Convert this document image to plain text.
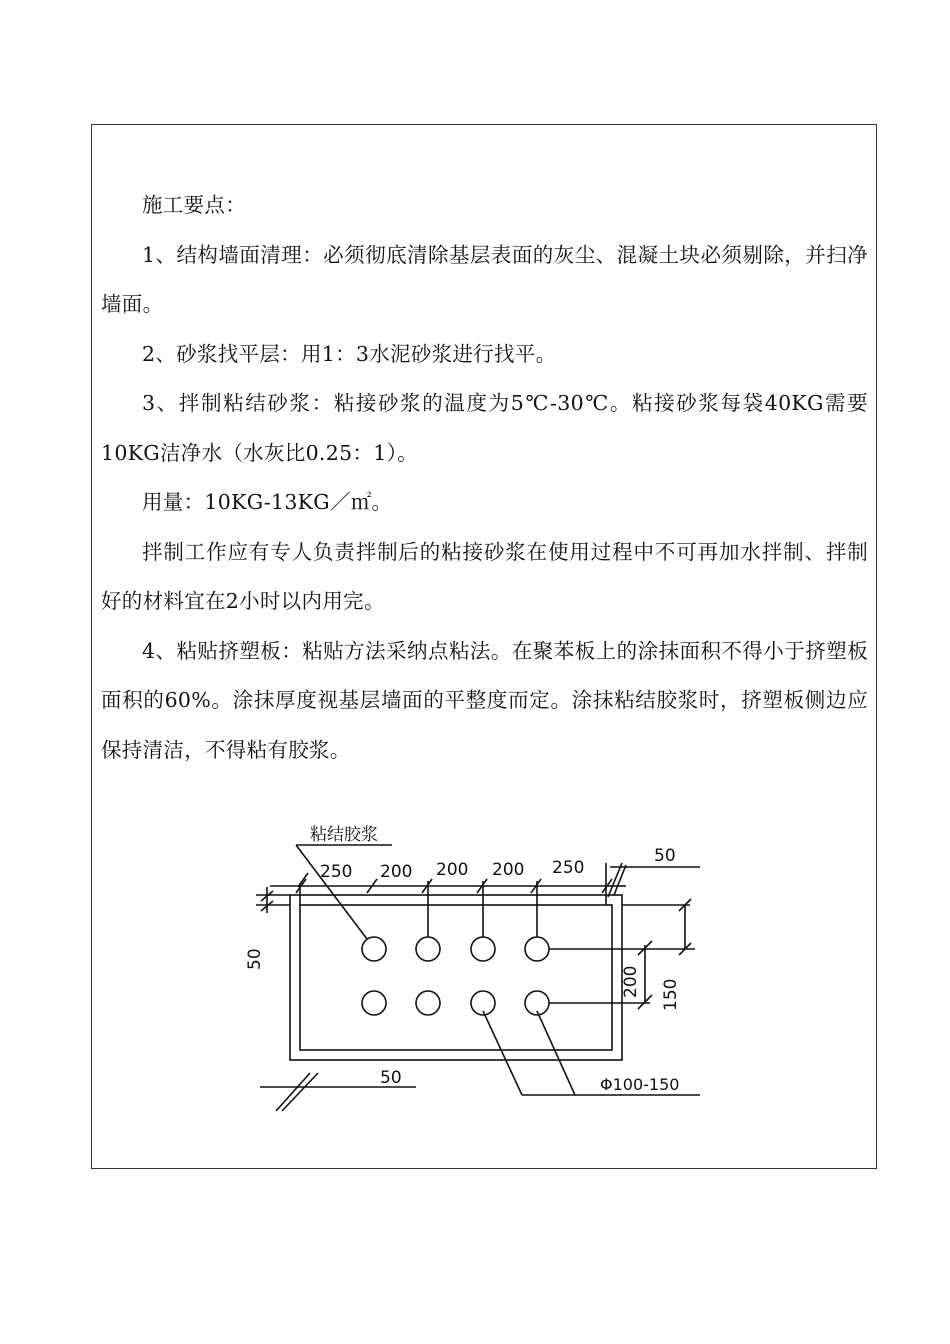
施工要点：

1、结构墙面清理：必须彻底清除基层表面的灰尘、混凝土块必须剔除，并扫净墙面。

2、砂浆找平层：用1：3水泥砂浆进行找平。

3、拌制粘结砂浆：粘接砂浆的温度为5℃-30℃。粘接砂浆每袋40KG需要10KG洁净水（水灰比0.25：1）。

用量：10KG-13KG／㎡。

拌制工作应有专人负责拌制后的粘接砂浆在使用过程中不可再加水拌制、拌制好的材料宜在2小时以内用完。

4、粘贴挤塑板：粘贴方法采纳点粘法。在聚苯板上的涂抹面积不得小于挤塑板面积的60%。涂抹厚度视基层墙面的平整度而定。涂抹粘结胶浆时，挤塑板侧边应保持清洁，不得粘有胶浆。

粘结胶浆
250 200 200 200 250
50
50
200 150
50	Φ100-150
